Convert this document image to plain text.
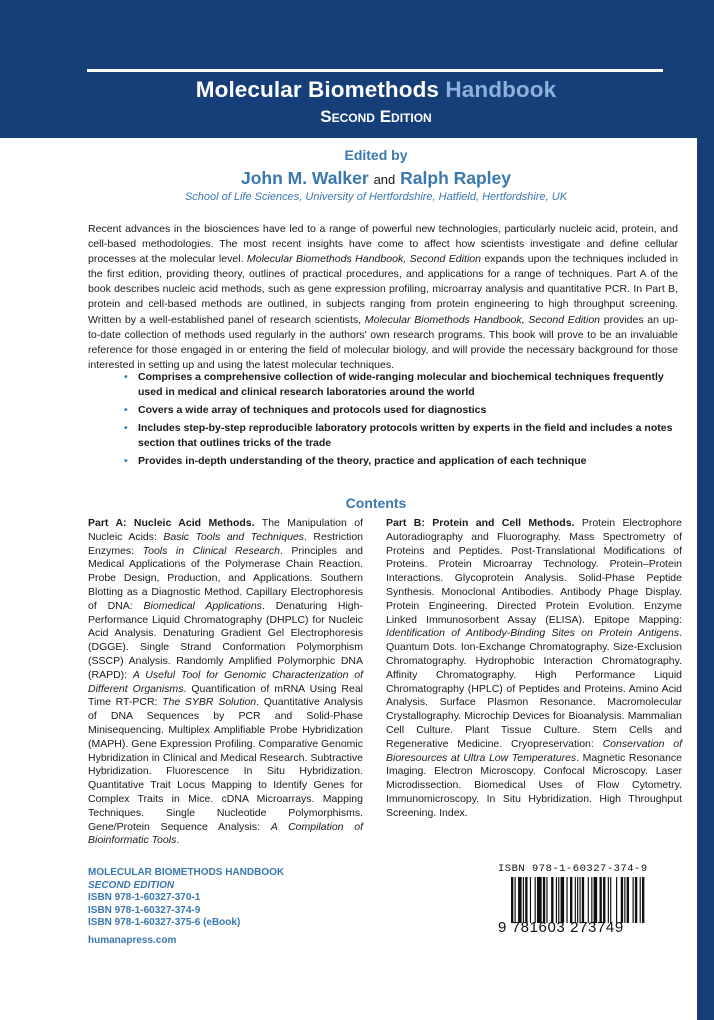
Molecular Biomethods Handbook
Second Edition
Edited by
John M. Walker and Ralph Rapley
School of Life Sciences, University of Hertfordshire, Hatfield, Hertfordshire, UK
Recent advances in the biosciences have led to a range of powerful new technologies, particularly nucleic acid, protein, and cell-based methodologies. The most recent insights have come to affect how scientists investigate and define cellular processes at the molecular level. Molecular Biomethods Handbook, Second Edition expands upon the techniques included in the first edition, providing theory, outlines of practical procedures, and applications for a range of techniques. Part A of the book describes nucleic acid methods, such as gene expression profiling, microarray analysis and quantitative PCR. In Part B, protein and cell-based methods are outlined, in subjects ranging from protein engineering to high throughput screening. Written by a well-established panel of research scientists, Molecular Biomethods Handbook, Second Edition provides an up-to-date collection of methods used regularly in the authors' own research programs. This book will prove to be an invaluable reference for those engaged in or entering the field of molecular biology, and will provide the necessary background for those interested in setting up and using the latest molecular techniques.
• Comprises a comprehensive collection of wide-ranging molecular and biochemical techniques frequently used in medical and clinical research laboratories around the world
• Covers a wide array of techniques and protocols used for diagnostics
• Includes step-by-step reproducible laboratory protocols written by experts in the field and includes a notes section that outlines tricks of the trade
• Provides in-depth understanding of the theory, practice and application of each technique
Contents
Part A: Nucleic Acid Methods. The Manipulation of Nucleic Acids: Basic Tools and Techniques. Restriction Enzymes: Tools in Clinical Research. Principles and Medical Applications of the Polymerase Chain Reaction. Probe Design, Production, and Applications. Southern Blotting as a Diagnostic Method. Capillary Electrophoresis of DNA: Biomedical Applications. Denaturing High-Performance Liquid Chromatography (DHPLC) for Nucleic Acid Analysis. Denaturing Gradient Gel Electrophoresis (DGGE). Single Strand Conformation Polymorphism (SSCP) Analysis. Randomly Amplified Polymorphic DNA (RAPD): A Useful Tool for Genomic Characterization of Different Organisms. Quantification of mRNA Using Real Time RT-PCR: The SYBR Solution. Quantitative Analysis of DNA Sequences by PCR and Solid-Phase Minisequencing. Multiplex Amplifiable Probe Hybridization (MAPH). Gene Expression Profiling. Comparative Genomic Hybridization in Clinical and Medical Research. Subtractive Hybridization. Fluorescence In Situ Hybridization. Quantitative Trait Locus Mapping to Identify Genes for Complex Traits in Mice. cDNA Microarrays. Mapping Techniques. Single Nucleotide Polymorphisms. Gene/Protein Sequence Analysis: A Compilation of Bioinformatic Tools.
Part B: Protein and Cell Methods. Protein Electrophore Autoradiography and Fluorography. Mass Spectrometry of Proteins and Peptides. Post-Translational Modifications of Proteins. Protein Microarray Technology. Protein–Protein Interactions. Glycoprotein Analysis. Solid-Phase Peptide Synthesis. Monoclonal Antibodies. Antibody Phage Display. Protein Engineering. Directed Protein Evolution. Enzyme Linked Immunosorbent Assay (ELISA). Epitope Mapping: Identification of Antibody-Binding Sites on Protein Antigens. Quantum Dots. Ion-Exchange Chromatography. Size-Exclusion Chromatography. Hydrophobic Interaction Chromatography. Affinity Chromatography. High Performance Liquid Chromatography (HPLC) of Peptides and Proteins. Amino Acid Analysis. Surface Plasmon Resonance. Macromolecular Crystallography. Microchip Devices for Bioanalysis. Mammalian Cell Culture. Plant Tissue Culture. Stem Cells and Regenerative Medicine. Cryopreservation: Conservation of Bioresources at Ultra Low Temperatures. Magnetic Resonance Imaging. Electron Microscopy. Confocal Microscopy. Laser Microdissection. Biomedical Uses of Flow Cytometry. Immunomicroscopy. In Situ Hybridization. High Throughput Screening. Index.
MOLECULAR BIOMETHODS HANDBOOK
SECOND EDITION
ISBN 978-1-60327-370-1
ISBN 978-1-60327-374-9
ISBN 978-1-60327-375-6 (eBook)
humanapress.com
ISBN 978-1-60327-374-9
9 781603 273749
